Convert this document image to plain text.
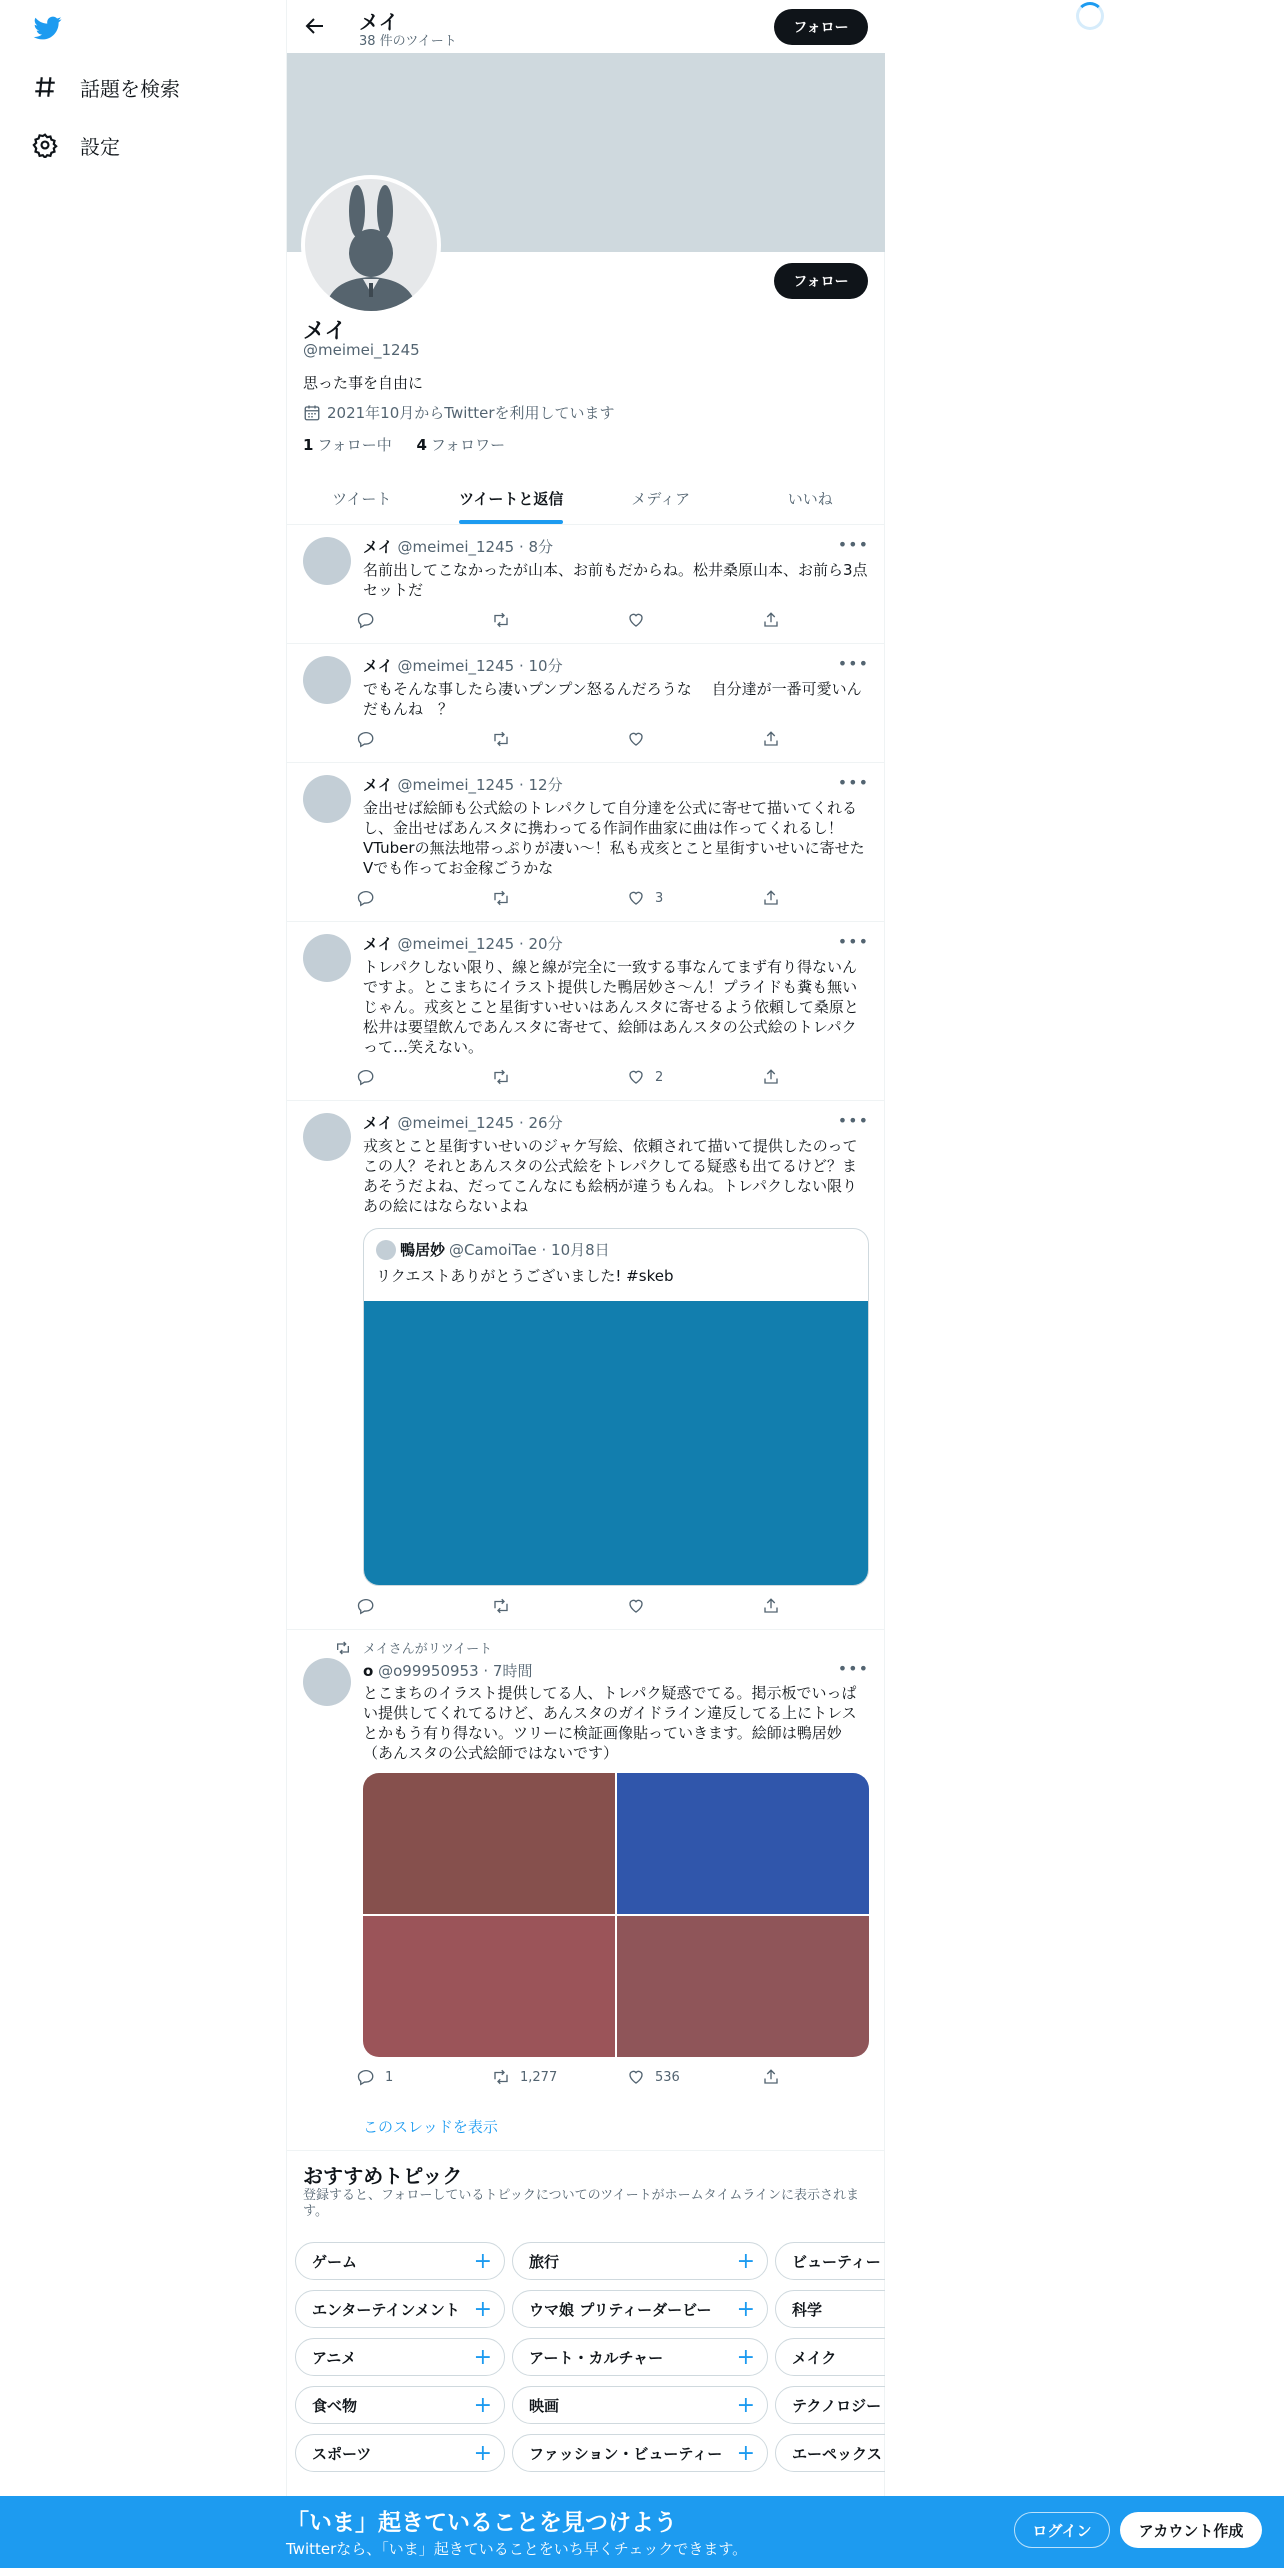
話題を検索
設定
メイ
38 件のツイート
フォロー
フォロー
メイ
@meimei_1245
思った事を自由に
2021年10月からTwitterを利用しています
1 フォロー中 4 フォロワー
ツイート	ツイートと返信	メディア	いいね
メイ @meimei_1245 · 8分	•••
名前出してこなかったが山本、お前もだからね。松井桑原山本、お前ら3点セットだ
メイ @meimei_1245 · 10分	•••
でもそんな事したら凄いプンプン怒るんだろうな　 自分達が一番可愛いんだもんね　？
メイ @meimei_1245 · 12分	•••
金出せば絵師も公式絵のトレパクして自分達を公式に寄せて描いてくれるし、金出せばあんスタに携わってる作詞作曲家に曲は作ってくれるし！VTuberの無法地帯っぷりが凄い～！私も戎亥とこと星街すいせいに寄せたVでも作ってお金稼ごうかな
3
メイ @meimei_1245 · 20分	•••
トレパクしない限り、線と線が完全に一致する事なんてまず有り得ないんですよ。とこまちにイラスト提供した鴨居妙さ～ん！プライドも糞も無いじゃん。戎亥とこと星街すいせいはあんスタに寄せるよう依頼して桑原と松井は要望飲んであんスタに寄せて、絵師はあんスタの公式絵のトレパクって…笑えない。
2
メイ @meimei_1245 · 26分	•••
戎亥とこと星街すいせいのジャケ写絵、依頼されて描いて提供したのってこの人？それとあんスタの公式絵をトレパクしてる疑惑も出てるけど？まあそうだよね、だってこんなにも絵柄が違うもんね。トレパクしない限りあの絵にはならないよね
鴨居妙 @CamoiTae · 10月8日
リクエストありがとうございました! #skeb
メイさんがリツイート
o @o99950953 · 7時間	•••
とこまちのイラスト提供してる人、トレパク疑惑でてる。掲示板でいっぱい提供してくれてるけど、あんスタのガイドライン違反してる上にトレスとかもう有り得ない。ツリーに検証画像貼っていきます。絵師は鴨居妙（あんスタの公式絵師ではないです）
1	1,277	536
このスレッドを表示
おすすめトピック
登録すると、フォローしているトピックについてのツイートがホームタイムラインに表示されます。
ゲーム	+ 旅行	+ ビューティー
エンターテインメント + ウマ娘 プリティーダービー + 科学
アニメ	+ アート・カルチャー	+ メイク
食べ物	+ 映画	+ テクノロジー
スポーツ	+ ファッション・ビューティー + エーペックス
「いま」起きていることを見つけよう
Twitterなら、「いま」起きていることをいち早くチェックできます。
ログイン	アカウント作成
